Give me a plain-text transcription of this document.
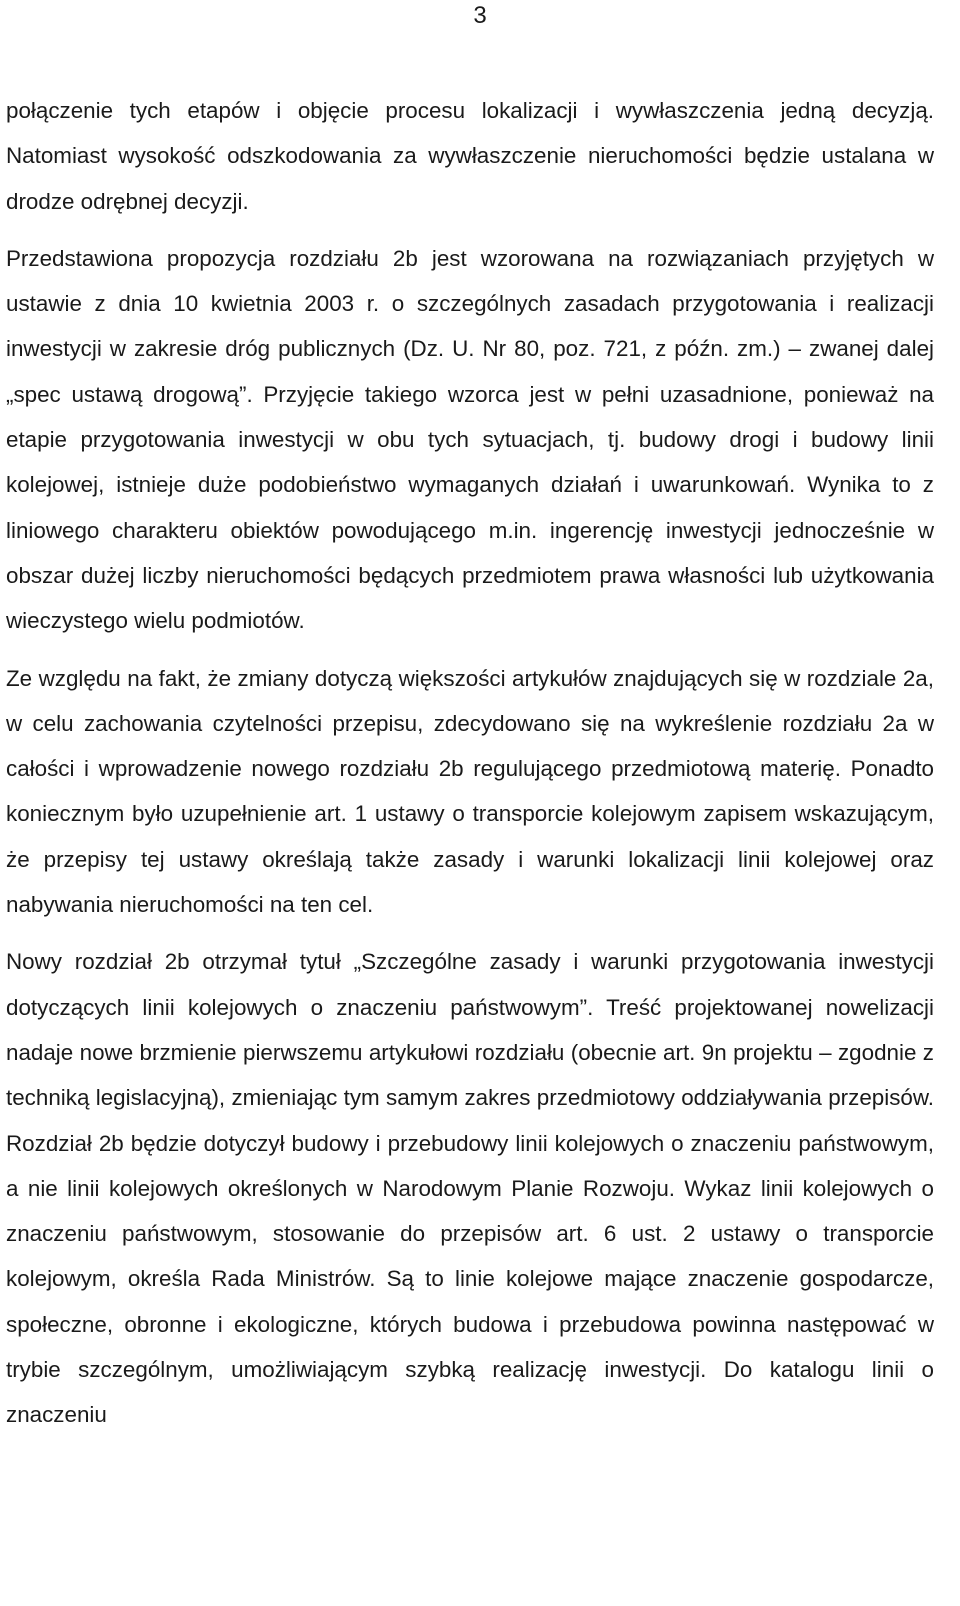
3

połączenie tych etapów i objęcie procesu lokalizacji i wywłaszczenia jedną decyzją. Natomiast wysokość odszkodowania za wywłaszczenie nieruchomości będzie ustalana w drodze odrębnej decyzji.

Przedstawiona propozycja rozdziału 2b jest wzorowana na rozwiązaniach przyjętych w ustawie z dnia 10 kwietnia 2003 r. o szczególnych zasadach przygotowania i realizacji inwestycji w zakresie dróg publicznych (Dz. U. Nr 80, poz. 721, z późn. zm.) – zwanej dalej „spec ustawą drogową”. Przyjęcie takiego wzorca jest w pełni uzasadnione, ponieważ na etapie przygotowania inwestycji w obu tych sytuacjach, tj. budowy drogi i budowy linii kolejowej, istnieje duże podobieństwo wymaganych działań i uwarunkowań. Wynika to z liniowego charakteru obiektów powodującego m.in. ingerencję inwestycji jednocześnie w obszar dużej liczby nieruchomości będących przedmiotem prawa własności lub użytkowania wieczystego wielu podmiotów.

Ze względu na fakt, że zmiany dotyczą większości artykułów znajdujących się w rozdziale 2a, w celu zachowania czytelności przepisu, zdecydowano się na wykreślenie rozdziału 2a w całości i wprowadzenie nowego rozdziału 2b regulującego przedmiotową materię. Ponadto koniecznym było uzupełnienie art. 1 ustawy o transporcie kolejowym zapisem wskazującym, że przepisy tej ustawy określają także zasady i warunki lokalizacji linii kolejowej oraz nabywania nieruchomości na ten cel.

Nowy rozdział 2b otrzymał tytuł „Szczególne zasady i warunki przygotowania inwestycji dotyczących linii kolejowych o znaczeniu państwowym”. Treść projektowanej nowelizacji nadaje nowe brzmienie pierwszemu artykułowi rozdziału (obecnie art. 9n projektu – zgodnie z techniką legislacyjną), zmieniając tym samym zakres przedmiotowy oddziaływania przepisów. Rozdział 2b będzie dotyczył budowy i przebudowy linii kolejowych o znaczeniu państwowym, a nie linii kolejowych określonych w Narodowym Planie Rozwoju. Wykaz linii kolejowych o znaczeniu państwowym, stosowanie do przepisów art. 6 ust. 2 ustawy o transporcie kolejowym, określa Rada Ministrów. Są to linie kolejowe mające znaczenie gospodarcze, społeczne, obronne i ekologiczne, których budowa i przebudowa powinna następować w trybie szczególnym, umożliwiającym szybką realizację inwestycji. Do katalogu linii o znaczeniu
